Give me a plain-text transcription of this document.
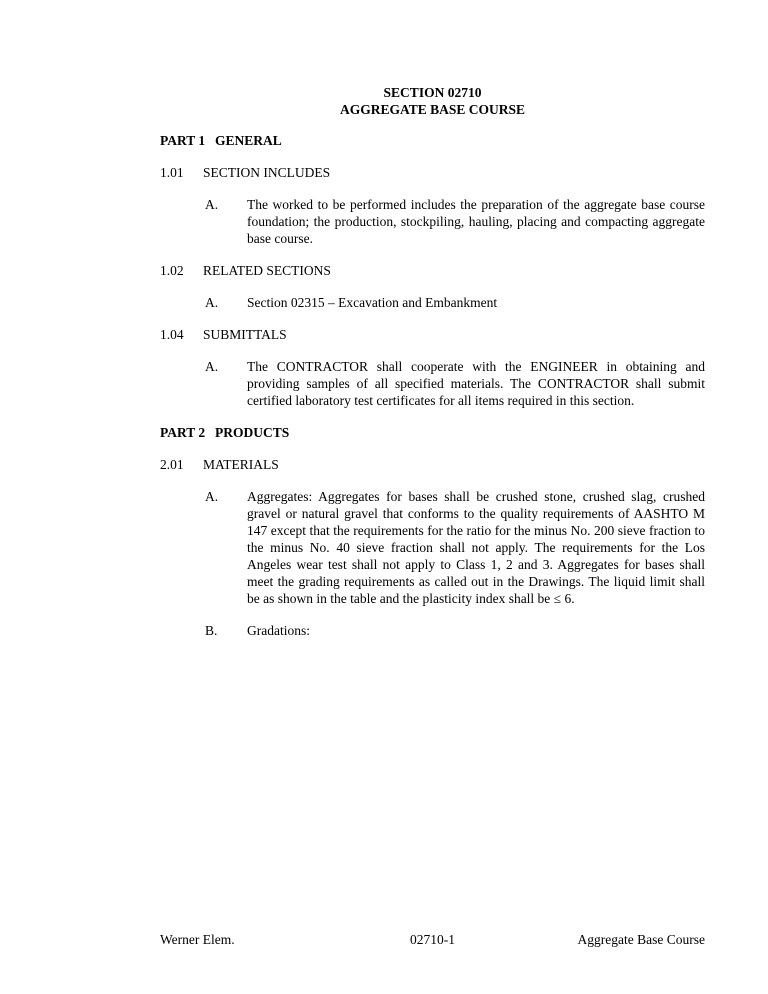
SECTION 02710
AGGREGATE BASE COURSE
PART 1 GENERAL
1.01	SECTION INCLUDES
A.	The worked to be performed includes the preparation of the aggregate base course foundation; the production, stockpiling, hauling, placing and compacting aggregate base course.
1.02	RELATED SECTIONS
A.	Section 02315 – Excavation and Embankment
1.04	SUBMITTALS
A.	The CONTRACTOR shall cooperate with the ENGINEER in obtaining and providing samples of all specified materials. The CONTRACTOR shall submit certified laboratory test certificates for all items required in this section.
PART 2 PRODUCTS
2.01	MATERIALS
A.	Aggregates: Aggregates for bases shall be crushed stone, crushed slag, crushed gravel or natural gravel that conforms to the quality requirements of AASHTO M 147 except that the requirements for the ratio for the minus No. 200 sieve fraction to the minus No. 40 sieve fraction shall not apply. The requirements for the Los Angeles wear test shall not apply to Class 1, 2 and 3. Aggregates for bases shall meet the grading requirements as called out in the Drawings. The liquid limit shall be as shown in the table and the plasticity index shall be ≤ 6.
B.	Gradations:
Werner Elem.	02710-1	Aggregate Base Course
